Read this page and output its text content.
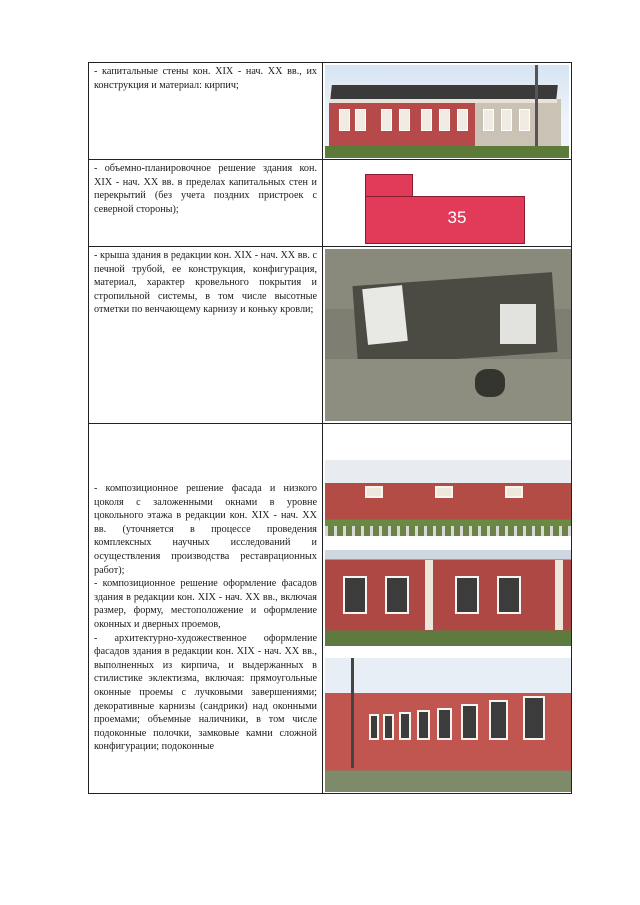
- капитальные стены кон. XIX - нач. XX вв., их конструкция и материал: кирпич;

- объемно-планировочное решение здания кон. XIX - нач. XX вв. в пределах капитальных стен и перекрытий (без учета поздних пристроек с северной стороны);	35

- крыша здания в редакции кон. XIX - нач. XX вв. с печной трубой, ее конструкция, конфигурация, материал, характер кровельного покрытия и стропильной системы, в том числе высотные отметки по венчающему карнизу и коньку кровли;

- композиционное решение фасада и низкого цоколя с заложенными окнами в уровне цокольного этажа в редакции кон. XIX - нач. XX вв. (уточняется в процессе проведения комплексных научных исследований и осуществления производства реставрационных работ);

- композиционное решение оформление фасадов здания в редакции кон. XIX - нач. XX вв., включая размер, форму, местоположение и оформление оконных и дверных проемов,

- архитектурно-художественное оформление фасадов здания в редакции кон. XIX - нач. XX вв., выполненных из кирпича, и выдержанных в стилистике эклектизма, включая: прямоугольные оконные проемы с лучковыми завершениями; декоративные карнизы (сандрики) над оконными проемами; объемные наличники, в том числе подоконные полочки, замковые камни сложной конфигурации; подоконные
